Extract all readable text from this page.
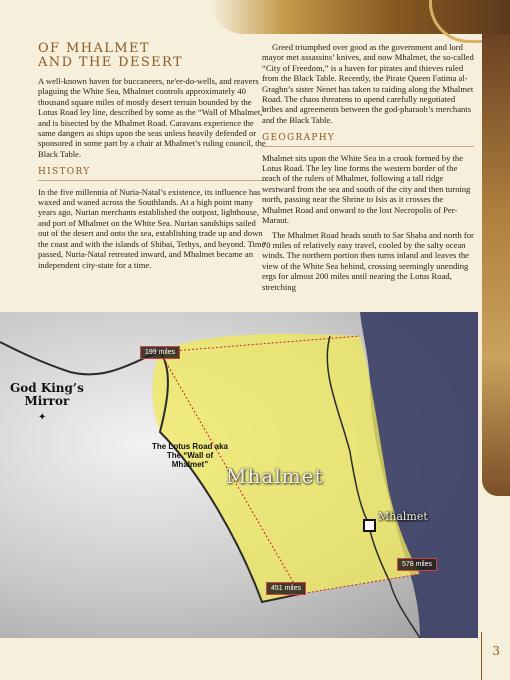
OF MHALMET
AND THE DESERT

A well-known haven for buccaneers, ne'er-do-wells, and reavers plaguing the White Sea, Mhalmet controls approximately 40 thousand square miles of mostly desert terrain bounded by the Lotus Road ley line, described by some as the “Wall of Mhalmet,” and is bisected by the Mhalmet Road. Caravans experience the same dangers as ships upon the seas unless heavily defended or sponsored in some part by a chair at Mhalmet’s ruling council, the Black Table.

HISTORY

In the five millennia of Nuria-Natal’s existence, its influence has waxed and waned across the Southlands. At a high point many years ago, Nurian merchants established the outpost, lighthouse, and port of Mhalmet on the White Sea. Nurian sandships sailed out of the desert and onto the sea, establishing trade up and down the coast and with the islands of Shibai, Tethys, and beyond. Time passed, Nuria-Natal retreated inward, and Mhalmet became an independent city-state for a time.

Greed triumphed over good as the government and lord mayor met assassins’ knives, and now Mhalmet, the so-called “City of Freedom,” is a haven for pirates and thieves ruled from the Black Table. Recently, the Pirate Queen Fatima al-Graghn’s sister Nenet has taken to raiding along the Mhalmet Road. The chaos threatens to upend carefully negotiated bribes and agreements between the god-pharaoh’s merchants and the Black Table.

GEOGRAPHY

Mhalmet sits upon the White Sea in a crook formed by the Lotus Road. The ley line forms the western border of the reach of the rulers of Mhalmet, following a tall ridge westward from the sea and south of the city and then turning north, passing near the Shrine to Isis as it crosses the Mhalmet Road and onward to the lost Necropolis of Per-Maraut.

The Mhalmet Road heads south to Sar Shaba and north for 70 miles of relatively easy travel, cooled by the salty ocean winds. The northern portion then turns inland and leaves the view of the White Sea behind, crossing seemingly unending ergs for almost 200 miles until nearing the Lotus Road, stretching

199 miles
578 miles
451 miles
God King’s
Mirror
✦
The Lotus Road aka The “Wall of Mhalmet” Mhalmet
Mhalmet
3
